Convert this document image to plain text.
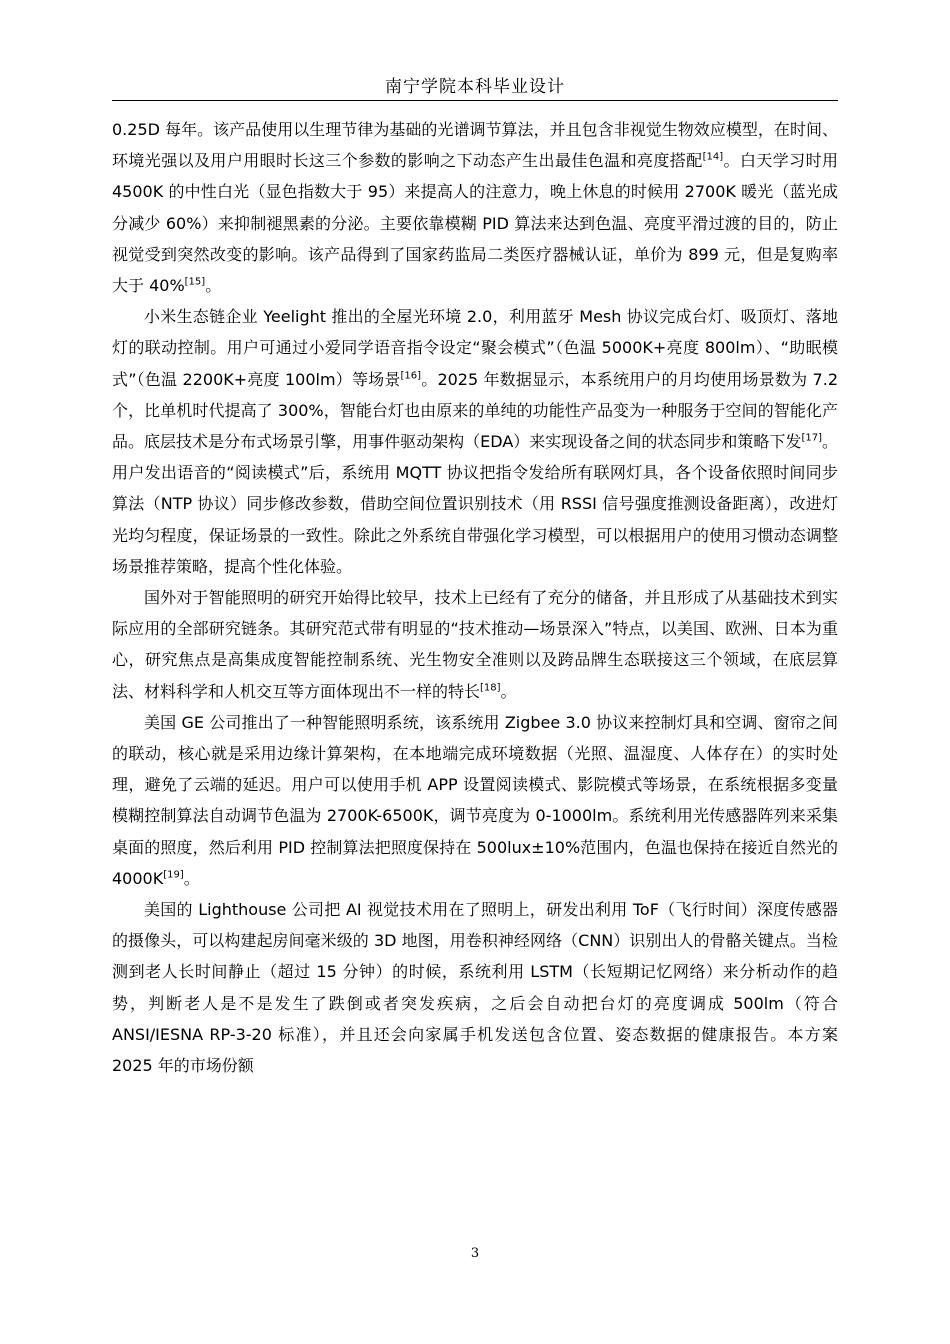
南宁学院本科毕业设计

0.25D 每年。该产品使用以生理节律为基础的光谱调节算法，并且包含非视觉生物效应模型，在时间、环境光强以及用户用眼时长这三个参数的影响之下动态产生出最佳色温和亮度搭配[14]。白天学习时用 4500K 的中性白光（显色指数大于 95）来提高人的注意力，晚上休息的时候用 2700K 暖光（蓝光成分减少 60%）来抑制褪黑素的分泌。主要依靠模糊 PID 算法来达到色温、亮度平滑过渡的目的，防止视觉受到突然改变的影响。该产品得到了国家药监局二类医疗器械认证，单价为 899 元，但是复购率大于 40%[15]。

小米生态链企业 Yeelight 推出的全屋光环境 2.0，利用蓝牙 Mesh 协议完成台灯、吸顶灯、落地灯的联动控制。用户可通过小爱同学语音指令设定“聚会模式”（色温 5000K+亮度 800lm）、“助眠模式”（色温 2200K+亮度 100lm）等场景[16]。2025 年数据显示，本系统用户的月均使用场景数为 7.2 个，比单机时代提高了 300%，智能台灯也由原来的单纯的功能性产品变为一种服务于空间的智能化产品。底层技术是分布式场景引擎，用事件驱动架构（EDA）来实现设备之间的状态同步和策略下发[17]。用户发出语音的“阅读模式”后，系统用 MQTT 协议把指令发给所有联网灯具，各个设备依照时间同步算法（NTP 协议）同步修改参数，借助空间位置识别技术（用 RSSI 信号强度推测设备距离），改进灯光均匀程度，保证场景的一致性。除此之外系统自带强化学习模型，可以根据用户的使用习惯动态调整场景推荐策略，提高个性化体验。

国外对于智能照明的研究开始得比较早，技术上已经有了充分的储备，并且形成了从基础技术到实际应用的全部研究链条。其研究范式带有明显的“技术推动—场景深入”特点，以美国、欧洲、日本为重心，研究焦点是高集成度智能控制系统、光生物安全准则以及跨品牌生态联接这三个领域，在底层算法、材料科学和人机交互等方面体现出不一样的特长[18]。

美国 GE 公司推出了一种智能照明系统，该系统用 Zigbee 3.0 协议来控制灯具和空调、窗帘之间的联动，核心就是采用边缘计算架构，在本地端完成环境数据（光照、温湿度、人体存在）的实时处理，避免了云端的延迟。用户可以使用手机 APP 设置阅读模式、影院模式等场景，在系统根据多变量模糊控制算法自动调节色温为 2700K-6500K，调节亮度为 0-1000lm。系统利用光传感器阵列来采集桌面的照度，然后利用 PID 控制算法把照度保持在 500lux±10%范围内，色温也保持在接近自然光的 4000K[19]。

美国的 Lighthouse 公司把 AI 视觉技术用在了照明上，研发出利用 ToF（飞行时间）深度传感器的摄像头，可以构建起房间毫米级的 3D 地图，用卷积神经网络（CNN）识别出人的骨骼关键点。当检测到老人长时间静止（超过 15 分钟）的时候，系统利用 LSTM（长短期记忆网络）来分析动作的趋势，判断老人是不是发生了跌倒或者突发疾病，之后会自动把台灯的亮度调成 500lm（符合 ANSI/IESNA RP-3-20 标准），并且还会向家属手机发送包含位置、姿态数据的健康报告。本方案 2025 年的市场份额

3
